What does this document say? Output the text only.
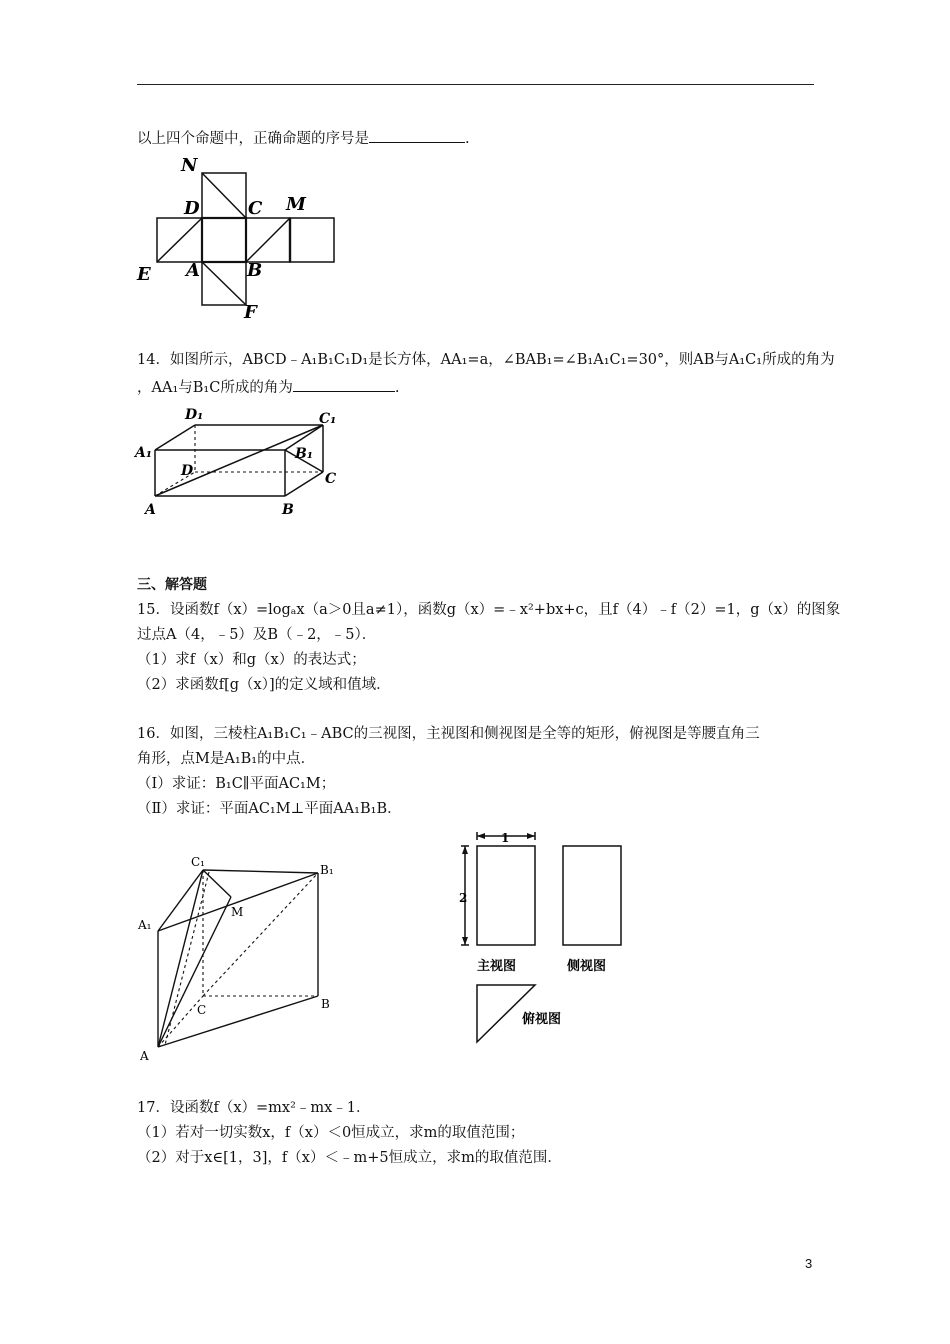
以上四个命题中，正确命题的序号是	.
N
D	C M
E A	B
F
14．如图所示，ABCD﹣A₁B₁C₁D₁是长方体，AA₁=a，∠BAB₁=∠B₁A₁C₁=30°，则AB与A₁C₁所成的角为
，AA₁与B₁C所成的角为	.
D₁	C₁
A₁	B₁
D	C
A	B
三、解答题
15．设函数f（x）=logₐx（a＞0且a≠1），函数g（x）=﹣x²+bx+c，且f（4）﹣f（2）=1，g（x）的图象
过点A（4，﹣5）及B（﹣2，﹣5）．
（1）求f（x）和g（x）的表达式；
（2）求函数f[g（x）]的定义域和值域．
16．如图，三棱柱A₁B₁C₁﹣ABC的三视图，主视图和侧视图是全等的矩形，俯视图是等腰直角三
角形，点M是A₁B₁的中点．
（Ⅰ）求证：B₁C∥平面AC₁M；
（Ⅱ）求证：平面AC₁M⊥平面AA₁B₁B．
C₁
B₁
A₁
M
C	B
A
1
2
主视图	侧视图
俯视图
17．设函数f（x）=mx²﹣mx﹣1．
（1）若对一切实数x，f（x）＜0恒成立，求m的取值范围；
（2）对于x∈[1，3]，f（x）＜﹣m+5恒成立，求m的取值范围．
3
